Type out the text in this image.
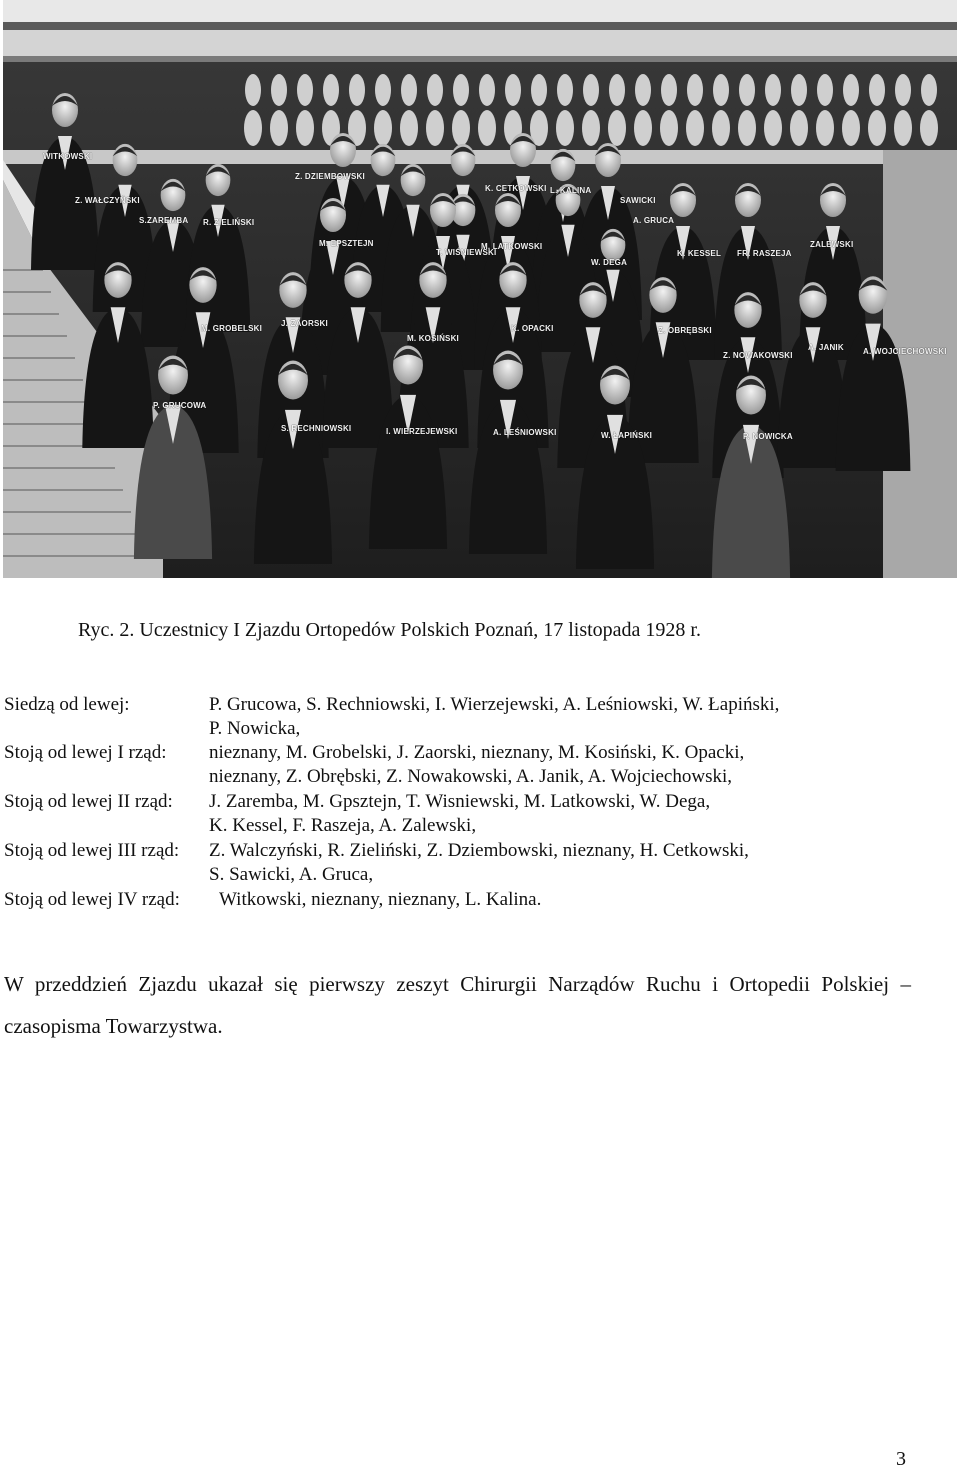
WITKOWSKI
Z. WAŁCZYŃSKI
S.ZAREMBA R. ZIELIŃSKI
Z. DZIEMBOWSKI
K. CETKOWSKI L. KALINA
SAWICKI
A. GRUCA
M. EPSZTEJN
T. WIŚNIEWSKI
M. LATKOWSKI
W. DEGA
K. KESSEL FR. RASZEJA
ZALEWSKI
M. GROBELSKI
J. ZAORSKI
M. KOSIŃSKI
K. OPACKI	Z. OBRĘBSKI
Z. NOWAKOWSKI
A. JANIK A. WOJCIECHOWSKI
P. GRUCOWA
S. RECHNIOWSKI	I. WIERZEJEWSKI	A. LEŚNIOWSKI	W. ŁAPIŃSKI	P. NOWICKA
Ryc. 2. Uczestnicy I Zjazdu Ortopedów Polskich Poznań, 17 listopada 1928 r.
Siedzą od lewej:	P. Grucowa, S. Rechniowski, I. Wierzejewski, A. Leśniowski, W. Łapiński,
P. Nowicka,
Stoją od lewej I rząd: nieznany, M. Grobelski, J. Zaorski, nieznany, M. Kosiński, K. Opacki,
nieznany, Z. Obrębski, Z. Nowakowski, A. Janik, A. Wojciechowski,
Stoją od lewej II rząd: J. Zaremba, M. Gpsztejn, T. Wisniewski, M. Latkowski, W. Dega,
K. Kessel, F. Raszeja, A. Zalewski,
Stoją od lewej III rząd: Z. Walczyński, R. Zieliński, Z. Dziembowski, nieznany, H. Cetkowski,
S. Sawicki, A. Gruca,
Stoją od lewej IV rząd: Witkowski, nieznany, nieznany, L. Kalina.
W przeddzień Zjazdu ukazał się pierwszy zeszyt Chirurgii Narządów Ruchu i Ortopedii Polskiej – czasopisma Towarzystwa.
3
